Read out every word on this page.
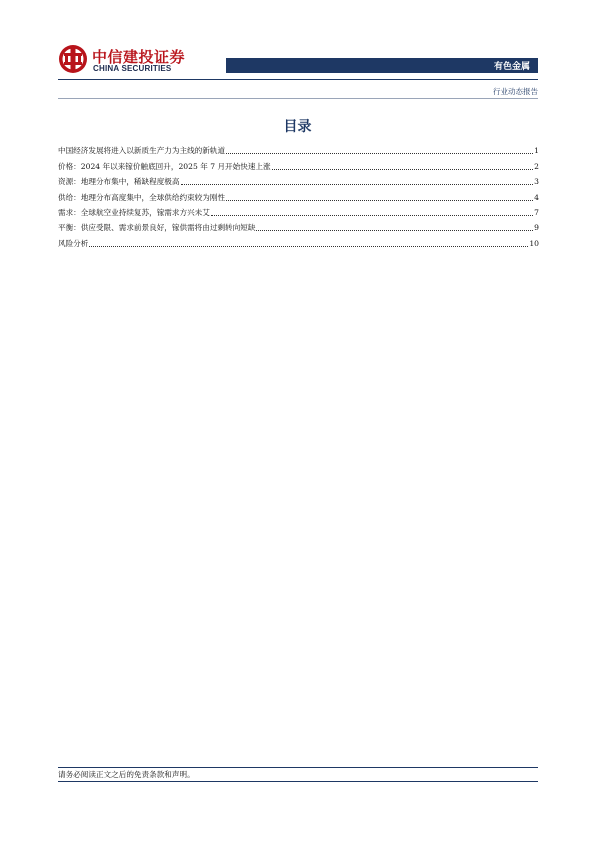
中信建投证券
CHINA SECURITIES	有色金属
行业动态报告
目录
中国经济发展将进入以新质生产力为主线的新轨道	1
价格：2024 年以来镓价触底回升，2025 年 7 月开始快速上涨	2
资源：地理分布集中，稀缺程度极高	3
供给：地理分布高度集中，全球供给约束较为刚性	4
需求：全球航空业持续复苏，镓需求方兴未艾	7
平衡：供应受限、需求前景良好，镓供需将由过剩转向短缺	9
风险分析	10
请务必阅读正文之后的免责条款和声明。
